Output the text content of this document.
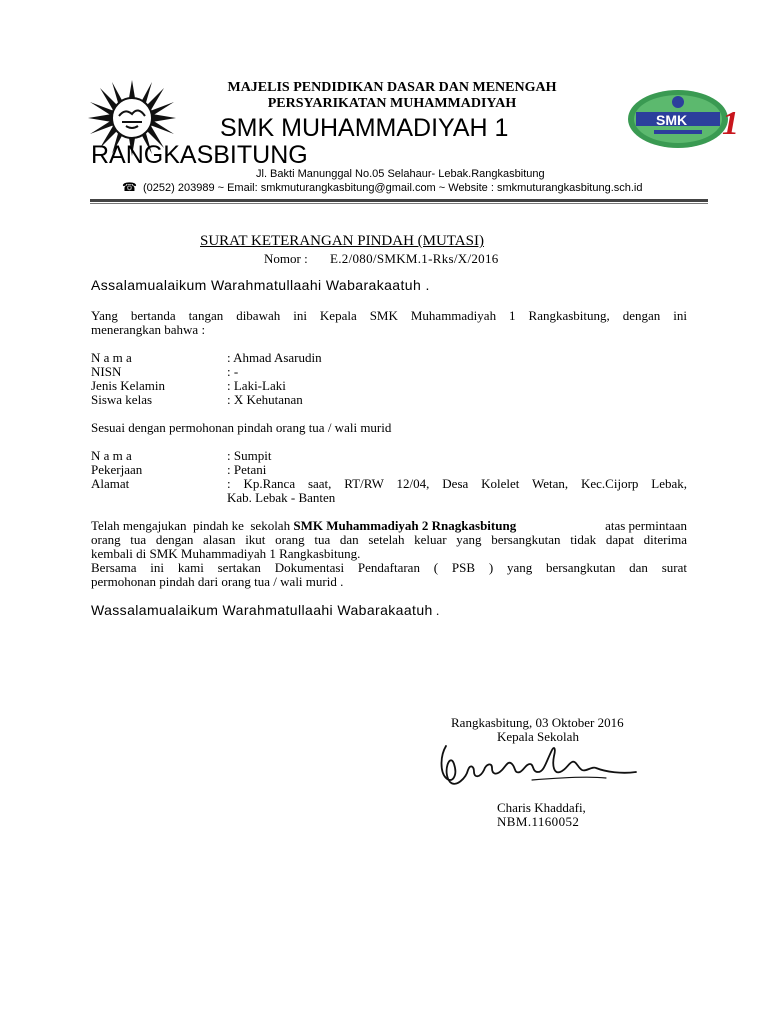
SMK 1
MAJELIS PENDIDIKAN DASAR DAN MENENGAH
PERSYARIKATAN MUHAMMADIYAH
SMK MUHAMMADIYAH 1
RANGKASBITUNG
Jl. Bakti Manunggal No.05 Selahaur- Lebak.Rangkasbitung
☎ (0252) 203989 ~ Email: smkmuturangkasbitung@gmail.com ~ Website : smkmuturangkasbitung.sch.id
SURAT KETERANGAN PINDAH (MUTASI)
Nomor : E.2/080/SMKM.1-Rks/X/2016
Assalamualaikum Warahmatullaahi Wabarakaatuh .
Yang bertanda tangan dibawah ini Kepala SMK Muhammadiyah 1 Rangkasbitung, dengan ini
menerangkan bahwa :
N a m a	: Ahmad Asarudin
NISN	: -
Jenis Kelamin	: Laki-Laki
Siswa kelas	: X Kehutanan
Sesuai dengan permohonan pindah orang tua / wali murid
N a m a	: Sumpit
Pekerjaan	: Petani
Alamat	: Kp.Ranca saat, RT/RW 12/04, Desa Kolelet Wetan, Kec.Cijorp Lebak,
Kab. Lebak - Banten
Telah mengajukan  pindah ke  sekolah SMK Muhammadiyah 2 Rnagkasbitung	atas permintaan
orang tua dengan alasan ikut orang tua dan setelah keluar yang bersangkutan tidak dapat diterima
kembali di SMK Muhammadiyah 1 Rangkasbitung.
Bersama ini kami sertakan Dokumentasi Pendaftaran ( PSB ) yang bersangkutan dan surat
permohonan pindah dari orang tua / wali murid .
Wassalamualaikum Warahmatullaahi Wabarakaatuh .
Rangkasbitung, 03 Oktober 2016
Kepala Sekolah
Charis Khaddafi,
NBM.1160052
